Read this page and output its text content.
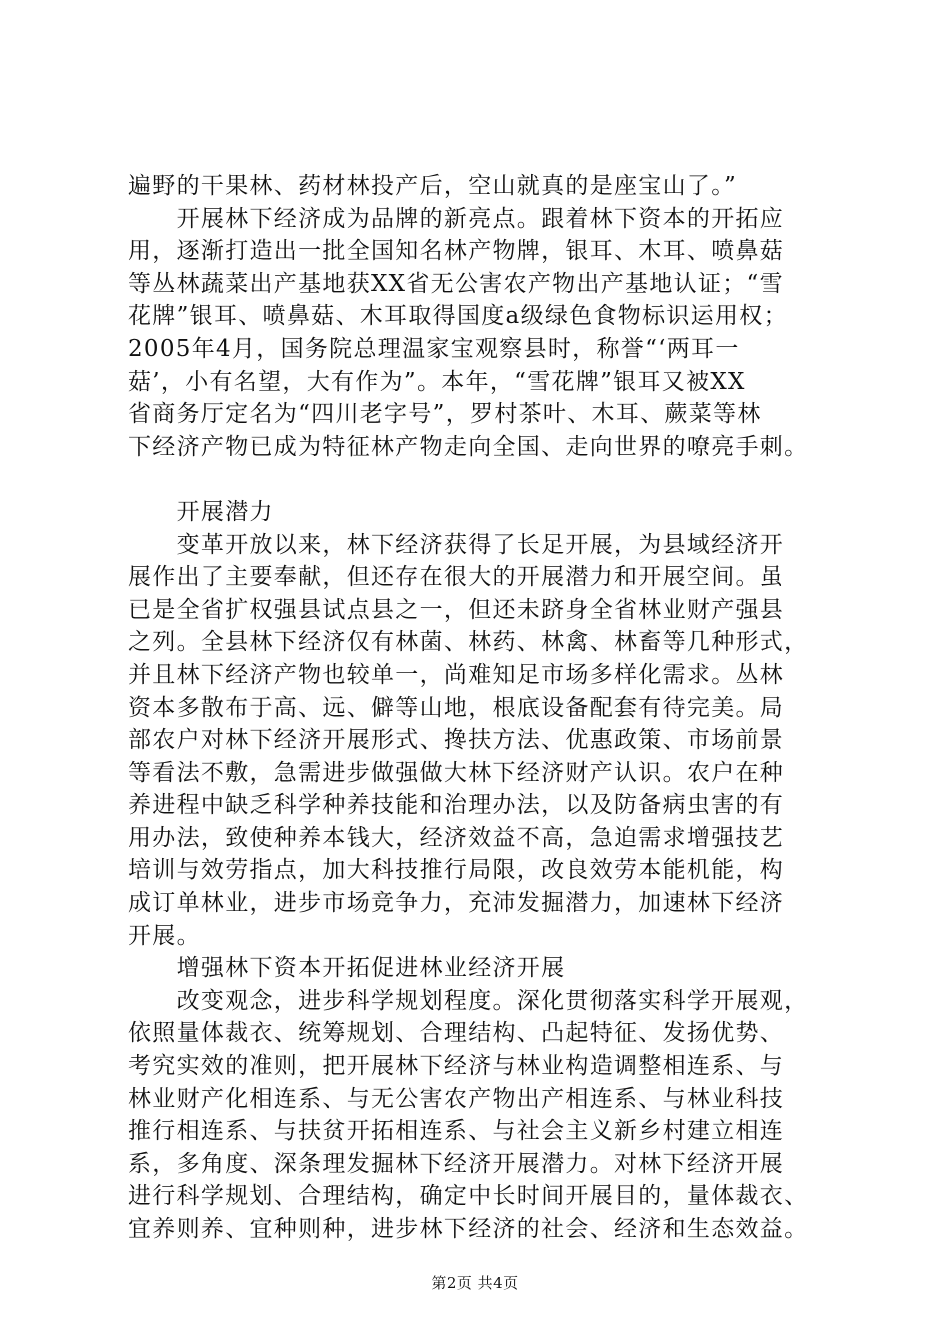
遍野的干果林、药材林投产后，空山就真的是座宝山了。”
　　开展林下经济成为品牌的新亮点。跟着林下资本的开拓应
用，逐渐打造出一批全国知名林产物牌，银耳、木耳、喷鼻菇
等丛林蔬菜出产基地获XX省无公害农产物出产基地认证；“雪
花牌”银耳、喷鼻菇、木耳取得国度a级绿色食物标识运用权；
2005年4月，国务院总理温家宝观察县时，称誉“‘两耳一
菇’，小有名望，大有作为”。本年，“雪花牌”银耳又被XX
省商务厅定名为“四川老字号”，罗村茶叶、木耳、蕨菜等林
下经济产物已成为特征林产物走向全国、走向世界的嘹亮手刺。
　　开展潜力
　　变革开放以来，林下经济获得了长足开展，为县域经济开
展作出了主要奉献，但还存在很大的开展潜力和开展空间。虽
已是全省扩权强县试点县之一，但还未跻身全省林业财产强县
之列。全县林下经济仅有林菌、林药、林禽、林畜等几种形式，
并且林下经济产物也较单一，尚难知足市场多样化需求。丛林
资本多散布于高、远、僻等山地，根底设备配套有待完美。局
部农户对林下经济开展形式、搀扶方法、优惠政策、市场前景
等看法不敷，急需进步做强做大林下经济财产认识。农户在种
养进程中缺乏科学种养技能和治理办法，以及防备病虫害的有
用办法，致使种养本钱大，经济效益不高，急迫需求增强技艺
培训与效劳指点，加大科技推行局限，改良效劳本能机能，构
成订单林业，进步市场竞争力，充沛发掘潜力，加速林下经济
开展。
　　增强林下资本开拓促进林业经济开展
　　改变观念，进步科学规划程度。深化贯彻落实科学开展观，
依照量体裁衣、统筹规划、合理结构、凸起特征、发扬优势、
考究实效的准则，把开展林下经济与林业构造调整相连系、与
林业财产化相连系、与无公害农产物出产相连系、与林业科技
推行相连系、与扶贫开拓相连系、与社会主义新乡村建立相连
系，多角度、深条理发掘林下经济开展潜力。对林下经济开展
进行科学规划、合理结构，确定中长时间开展目的，量体裁衣、
宜养则养、宜种则种，进步林下经济的社会、经济和生态效益。
第2页 共4页
